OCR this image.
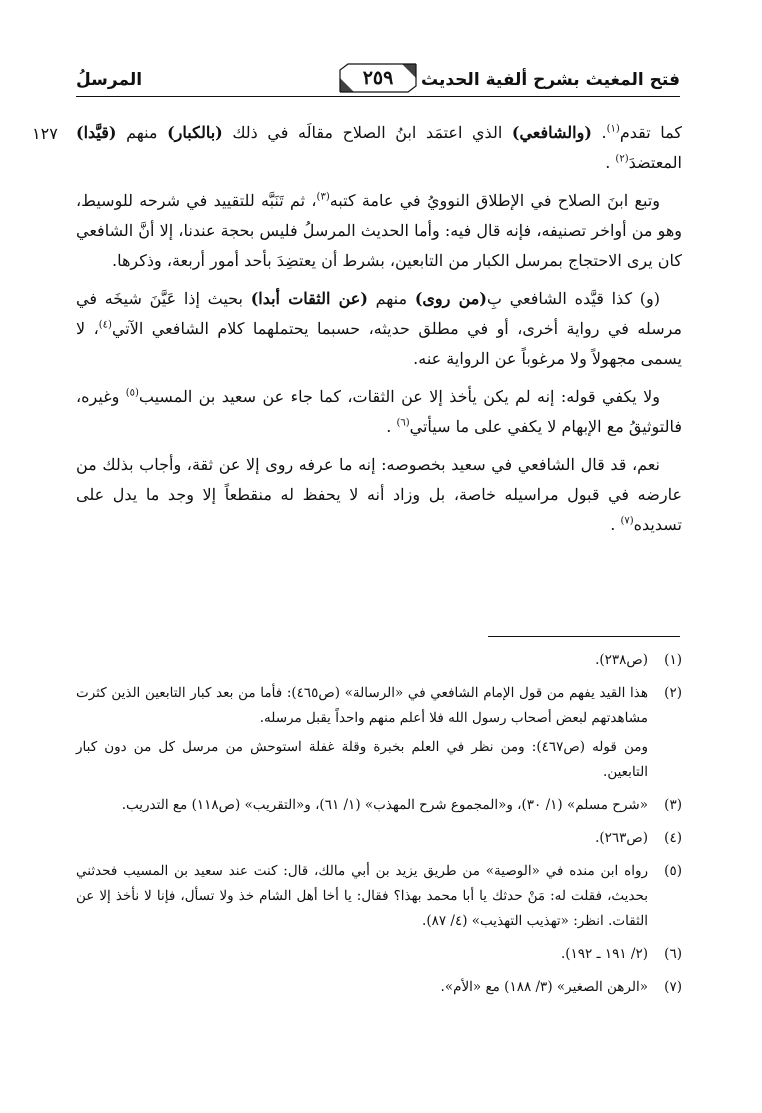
فتح المغيث بشرح ألفية الحديث
٢٥٩
المرسلُ
١٢٧	كما تقدم$^{(١)}$. (والشافعي) الذي اعتمَد ابنُ الصلاح مقالَه في ذلك (بالكبار) منهم (قيَّدا) المعتضدَ$^{(٢)}$ .

وتبع ابنَ الصلاح في الإطلاق النوويُ في عامة كتبه$^{(٣)}$، ثم تَنَبَّه للتقييد في شرحه للوسيط، وهو من أواخر تصنيفه، فإنه قال فيه: وأما الحديث المرسلُ فليس بحجة عندنا، إلا أنَّ الشافعي كان يرى الاحتجاج بمرسل الكبار من التابعين، بشرط أن يعتضِدَ بأحد أمور أربعة، وذكرها.

(و) كذا قيَّده الشافعي بِ(من روى) منهم (عن الثقات أبدا) بحيث إذا عَيَّنَ شيخَه في مرسله في رواية أخرى، أو في مطلق حديثه، حسبما يحتملهما كلام الشافعي الآتي$^{(٤)}$، لا يسمى مجهولاً ولا مرغوباً عن الرواية عنه.

ولا يكفي قوله: إنه لم يكن يأخذ إلا عن الثقات، كما جاء عن سعيد بن المسيب$^{(٥)}$ وغيره، فالتوثيقُ مع الإبهام لا يكفي على ما سيأتي$^{(٦)}$ .

نعم، قد قال الشافعي في سعيد بخصوصه: إنه ما عرفه روى إلا عن ثقة، وأجاب بذلك من عارضه في قبول مراسيله خاصة، بل وزاد أنه لا يحفظ له منقطعاً إلا وجد ما يدل على تسديده$^{(٧)}$ .

(١)

(ص٢٣٨).

(٢)

هذا القيد يفهم من قول الإمام الشافعي في «الرسالة» (ص٤٦٥): فأما من بعد كبار التابعين الذين كثرت مشاهدتهم لبعض أصحاب رسول الله فلا أعلم منهم واحداً يقبل مرسله.

ومن قوله (ص٤٦٧): ومن نظر في العلم بخبرة وقلة غفلة استوحش من مرسل كل من دون كبار التابعين.

(٣)

«شرح مسلم» (١/ ٣٠)، و«المجموع شرح المهذب» (١/ ٦١)، و«التقريب» (ص١١٨) مع التدريب.

(٤)

(ص٢٦٣).

(٥)

رواه ابن منده في «الوصية» من طريق يزيد بن أبي مالك، قال: كنت عند سعيد بن المسيب فحدثني بحديث، فقلت له: مَنْ حدثك يا أبا محمد بهذا؟ فقال: يا أخا أهل الشام خذ ولا تسأل، فإنا لا نأخذ إلا عن الثقات. انظر: «تهذيب التهذيب» (٤/ ٨٧).

(٦)

(٢/ ١٩١ ـ ١٩٢).

(٧)

«الرهن الصغير» (٣/ ١٨٨) مع «الأم».
